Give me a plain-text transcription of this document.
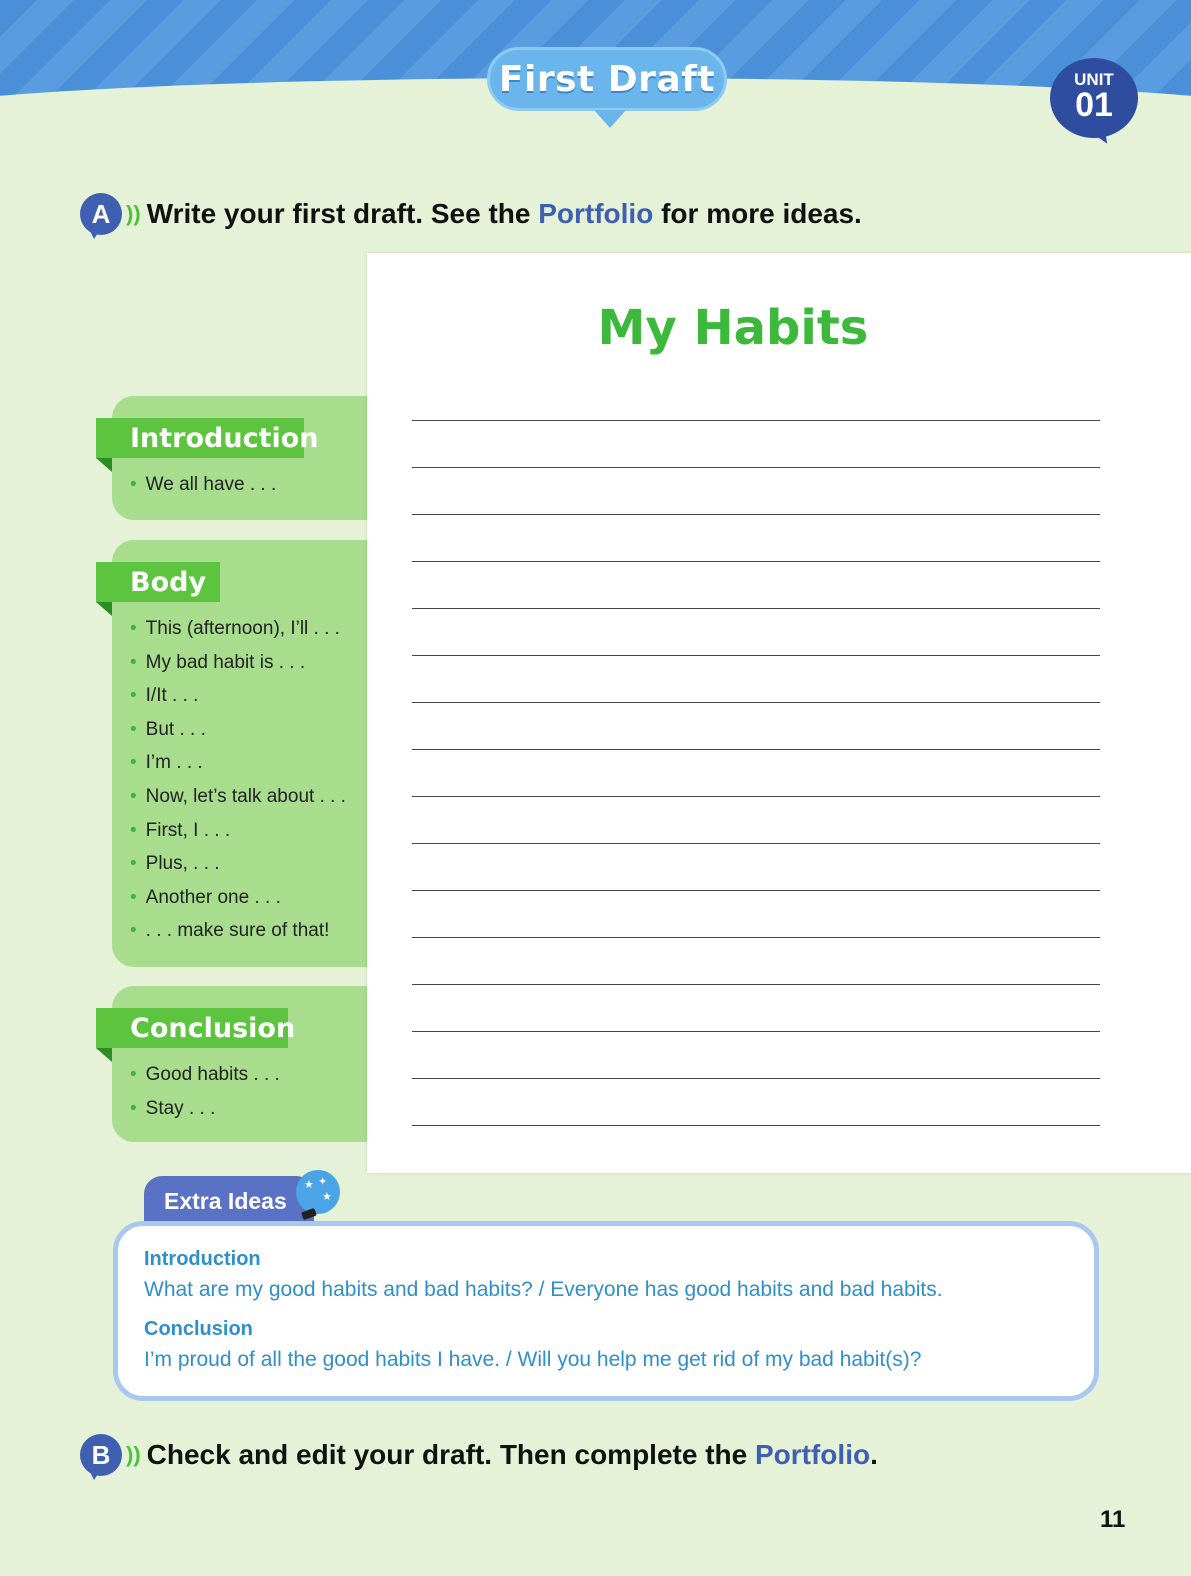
First Draft	UNIT
01
A )) Write your first draft. See the Portfolio for more ideas.
My Habits
Introduction
Body
Conclusion
• We all have . . .
• This (afternoon), I’ll . . .
• My bad habit is . . .
• I/It . . .
• But . . .
• I’m . . .
• Now, let’s talk about . . .
• First, I . . .
• Plus, . . .
• Another one . . .
• . . . make sure of that!
• Good habits . . .
• Stay . . .
Extra Ideas
★ ✦
★
Introduction
What are my good habits and bad habits? / Everyone has good habits and bad habits.
Conclusion
I’m proud of all the good habits I have. / Will you help me get rid of my bad habit(s)?
B )) Check and edit your draft. Then complete the Portfolio.
11
